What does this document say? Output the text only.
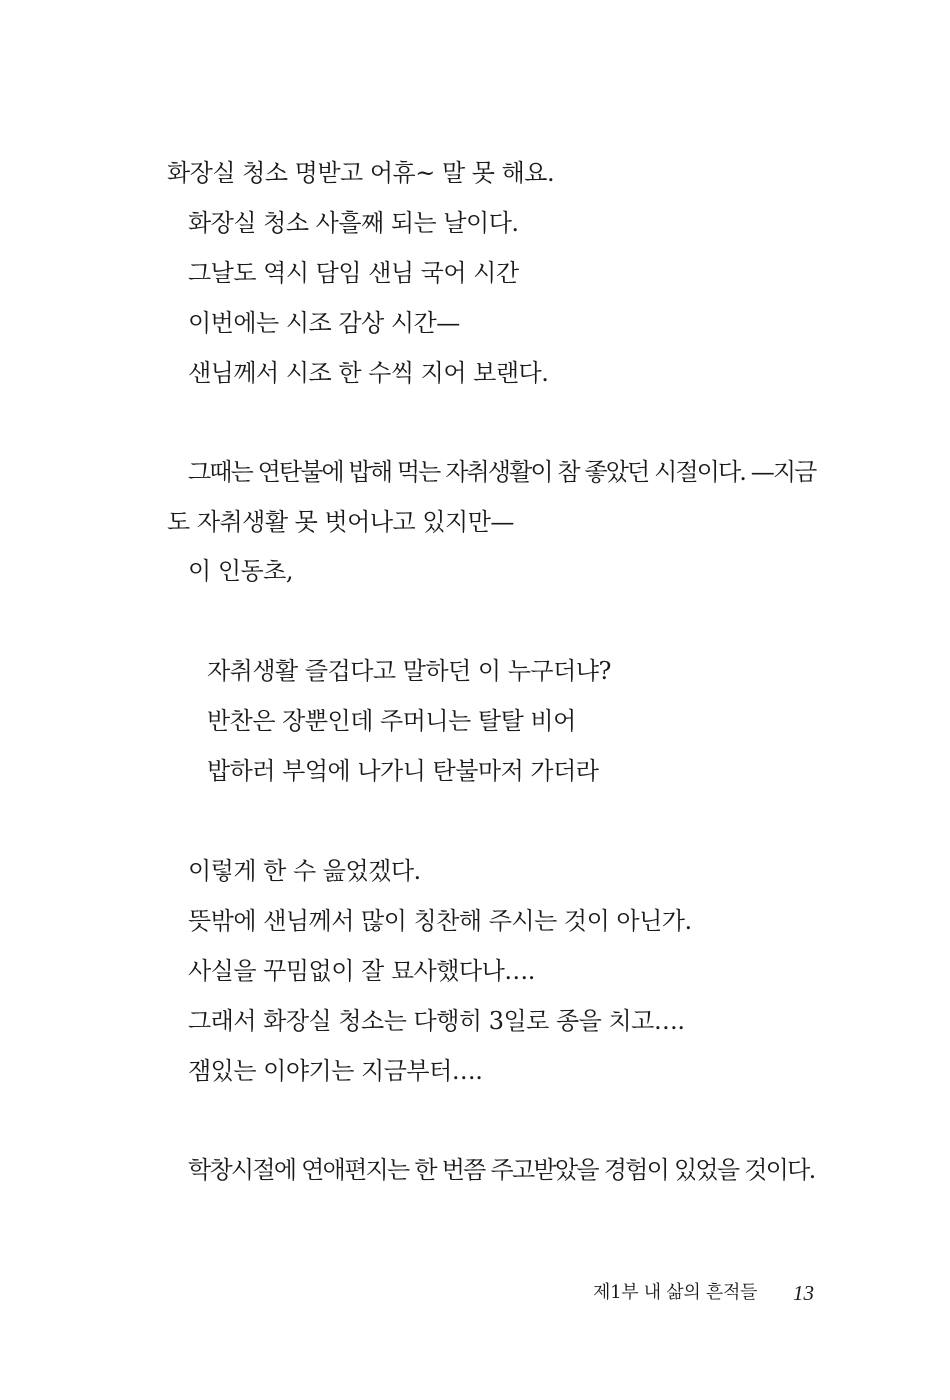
화장실 청소 명받고 어휴~ 말 못 해요.
화장실 청소 사흘째 되는 날이다.
그날도 역시 담임 샌님 국어 시간
이번에는 시조 감상 시간—
샌님께서 시조 한 수씩 지어 보랜다.
그때는 연탄불에 밥해 먹는 자취생활이 참 좋았던 시절이다. —지금
도 자취생활 못 벗어나고 있지만—
이 인동초,
자취생활 즐겁다고 말하던 이 누구더냐?
반찬은 장뿐인데 주머니는 탈탈 비어
밥하러 부엌에 나가니 탄불마저 가더라
이렇게 한 수 읊었겠다.
뜻밖에 샌님께서 많이 칭찬해 주시는 것이 아닌가.
사실을 꾸밈없이 잘 묘사했다나….
그래서 화장실 청소는 다행히 3일로 종을 치고….
잼있는 이야기는 지금부터….
학창시절에 연애편지는 한 번쯤 주고받았을 경험이 있었을 것이다.
제1부 내 삶의 흔적들 13
